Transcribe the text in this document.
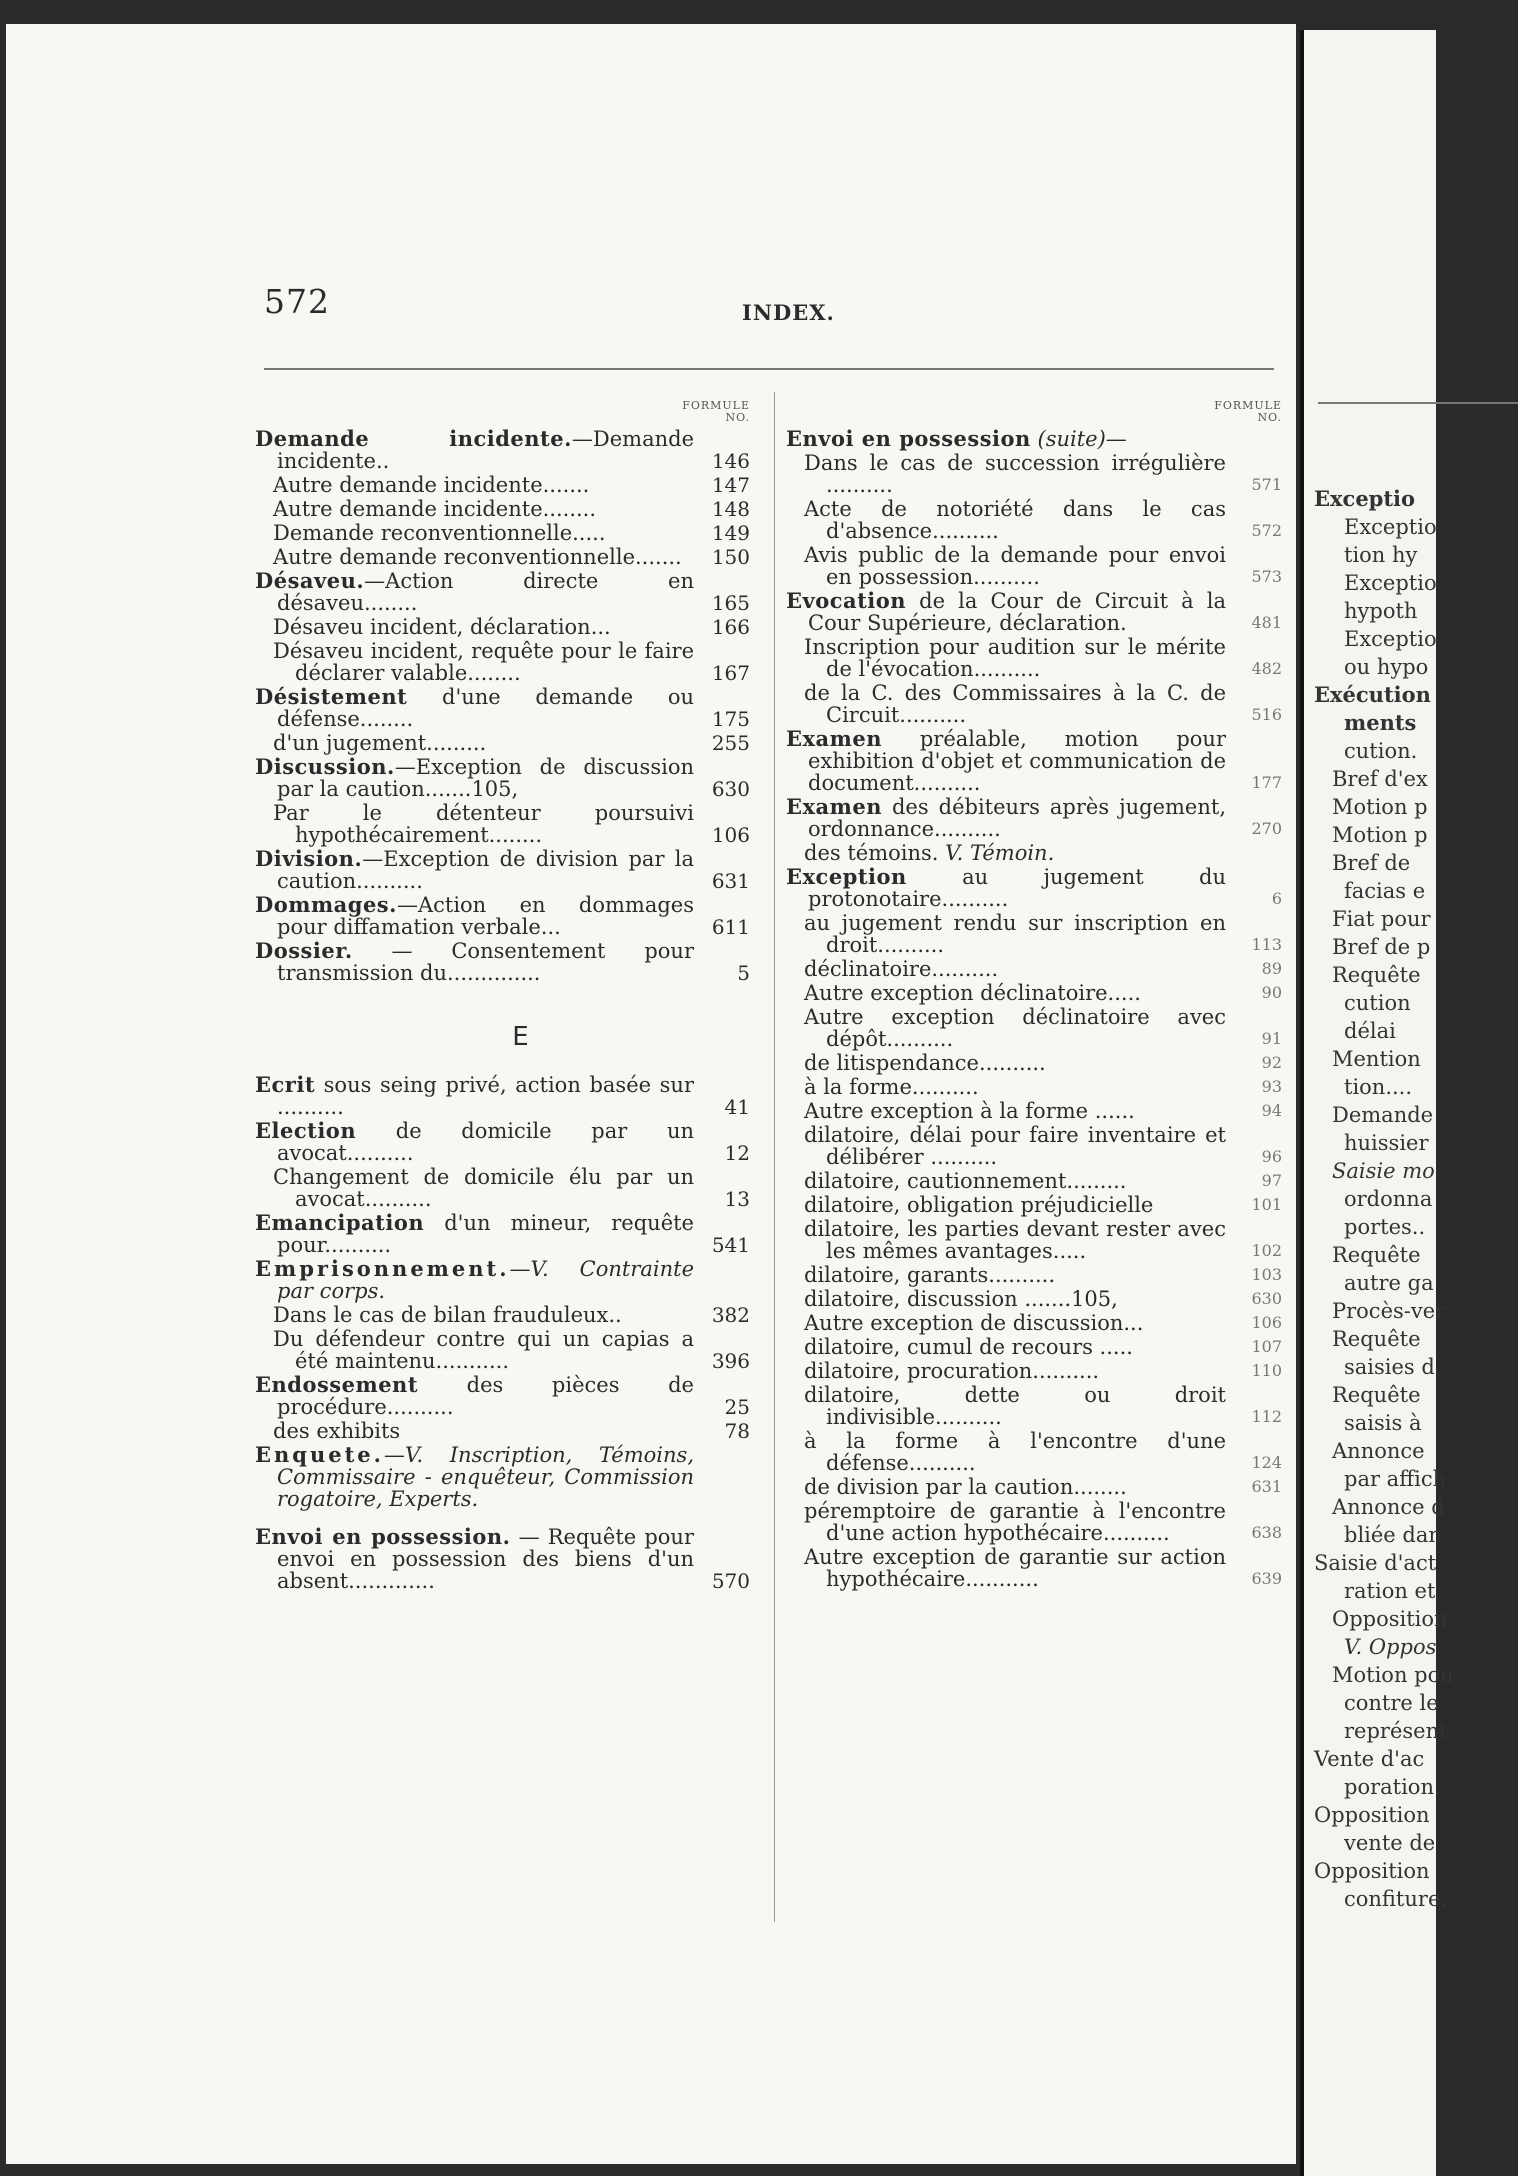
572	INDEX.
FORMULE
NO.
Demande incidente.—Demande incidente..	146
Autre demande incidente.......	147
Autre demande incidente........	148
Demande reconventionnelle.....	149
Autre demande reconventionnelle.......	150
Désaveu.—Action directe en désaveu........	165
Désaveu incident, déclaration...	166
Désaveu incident, requête pour le faire déclarer valable........	167
Désistement d'une demande ou défense........	175
d'un jugement.........	255
Discussion.—Exception de discussion par la caution.......105,	630
Par le détenteur poursuivi hypothécairement........	106
Division.—Exception de division par la caution..........	631
Dommages.—Action en dommages pour diffamation verbale...	611
Dossier. — Consentement pour transmission du..............	5
E
Ecrit sous seing privé, action basée sur ..........	41
Election de domicile par un avocat..........	12
Changement de domicile élu par un avocat..........	13
Emancipation d'un mineur, requête pour..........	541
Emprisonnement.—V. Contrainte par corps.
Dans le cas de bilan frauduleux..	382
Du défendeur contre qui un capias a été maintenu...........	396
Endossement des pièces de procédure..........	25
des exhibits	78
Enquete.—V. Inscription, Témoins, Commissaire - enquêteur, Commission rogatoire, Experts.
Envoi en possession. — Requête pour envoi en possession des biens d'un absent.............	570
FORMULE
NO.
Envoi en possession (suite)—
Dans le cas de succession irrégulière ..........	571
Acte de notoriété dans le cas d'absence..........	572
Avis public de la demande pour envoi en possession..........	573
Evocation de la Cour de Circuit à la Cour Supérieure, déclaration.	481
Inscription pour audition sur le mérite de l'évocation..........	482
de la C. des Commissaires à la C. de Circuit..........	516
Examen préalable, motion pour exhibition d'objet et communication de document..........	177
Examen des débiteurs après jugement, ordonnance..........	270
des témoins. V. Témoin.
Exception au jugement du protonotaire..........	6
au jugement rendu sur inscription en droit..........	113
déclinatoire..........	89
Autre exception déclinatoire.....	90
Autre exception déclinatoire avec dépôt..........	91
de litispendance..........	92
à la forme..........	93
Autre exception à la forme ......	94
dilatoire, délai pour faire inventaire et délibérer ..........	96
dilatoire, cautionnement.........	97
dilatoire, obligation préjudicielle	101
dilatoire, les parties devant rester avec les mêmes avantages.....	102
dilatoire, garants..........	103
dilatoire, discussion .......105,	630
Autre exception de discussion...	106
dilatoire, cumul de recours .....	107
dilatoire, procuration..........	110
dilatoire, dette ou droit indivisible..........	112
à la forme à l'encontre d'une défense..........	124
de division par la caution........	631
péremptoire de garantie à l'encontre d'une action hypothécaire..........	638
Autre exception de garantie sur action hypothécaire...........	639
Exceptio
Exceptio
tion hy
Exceptio
hypoth
Exceptio
ou hypo
Exécution
ments
cution.
Bref d'ex
Motion p
Motion p
Bref de
facias e
Fiat pour
Bref de p
Requête
cution
délai
Mention
tion....
Demande
huissier
Saisie mo
ordonna
portes..
Requête
autre ga
Procès-ver
Requête
saisies d
Requête
saisis à
Annonce
par affich
Annonce d
bliée dan
Saisie d'act
ration et
Opposition
V. Oppos
Motion pou
contre le
représent
Vente d'ac
poration.
Opposition
vente de
Opposition
confiture.
